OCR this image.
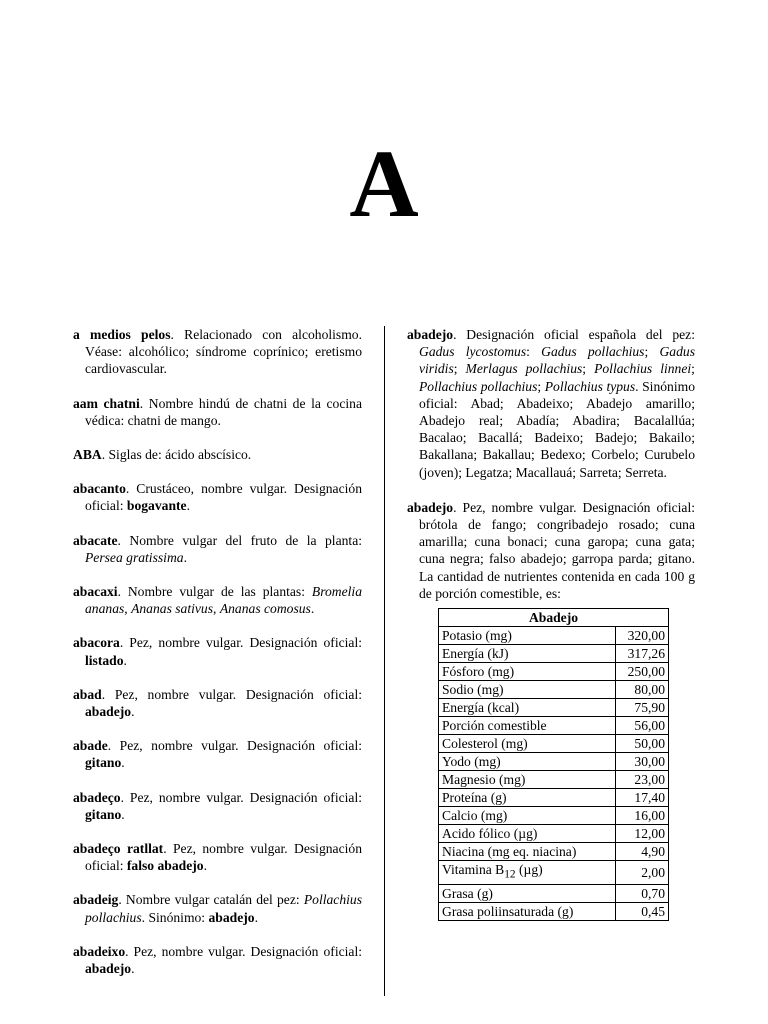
A

a medios pelos. Relacionado con alcoholismo. Véase: alcohólico; síndrome coprínico; eretismo cardiovascular.

aam chatni. Nombre hindú de chatni de la cocina védica: chatni de mango.

ABA. Siglas de: ácido abscísico.

abacanto. Crustáceo, nombre vulgar. Designación oficial: bogavante.

abacate. Nombre vulgar del fruto de la planta: Persea gratissima.

abacaxi. Nombre vulgar de las plantas: Bromelia ananas, Ananas sativus, Ananas comosus.

abacora. Pez, nombre vulgar. Designación oficial: listado.

abad. Pez, nombre vulgar. Designación oficial: abadejo.

abade. Pez, nombre vulgar. Designación oficial: gitano.

abadeço. Pez, nombre vulgar. Designación oficial: gitano.

abadeço ratllat. Pez, nombre vulgar. Designación oficial: falso abadejo.

abadeig. Nombre vulgar catalán del pez: Pollachius pollachius. Sinónimo: abadejo.

abadeixo. Pez, nombre vulgar. Designación oficial: abadejo.

abadejo. Designación oficial española del pez: Gadus lycostomus: Gadus pollachius; Gadus viridis; Merlagus pollachius; Pollachius linnei; Pollachius pollachius; Pollachius typus. Sinónimo oficial: Abad; Abadeixo; Abadejo amarillo; Abadejo real; Abadía; Abadira; Bacalallúa; Bacalao; Bacallá; Badeixo; Badejo; Bakailo; Bakallana; Bakallau; Bedexo; Corbelo; Curubelo (joven); Legatza; Macallauá; Sarreta; Serreta.

abadejo. Pez, nombre vulgar. Designación oficial: brótola de fango; congribadejo rosado; cuna amarilla; cuna bonaci; cuna garopa; cuna gata; cuna negra; falso abadejo; garropa parda; gitano. La cantidad de nutrientes contenida en cada 100 g de porción comestible, es:

Abadejo	
Potasio (mg)	320,00
Energía (kJ)	317,26
Fósforo (mg)	250,00
Sodio (mg)	80,00
Energía (kcal)	75,90
Porción comestible	56,00
Colesterol (mg)	50,00
Yodo (mg)	30,00
Magnesio (mg)	23,00
Proteína (g)	17,40
Calcio (mg)	16,00
Acido fólico (µg)	12,00
Niacina (mg eq. niacina)	4,90
Vitamina $B_{12}$ (µg)	2,00
Grasa (g)	0,70
Grasa poliinsaturada (g)	0,45
